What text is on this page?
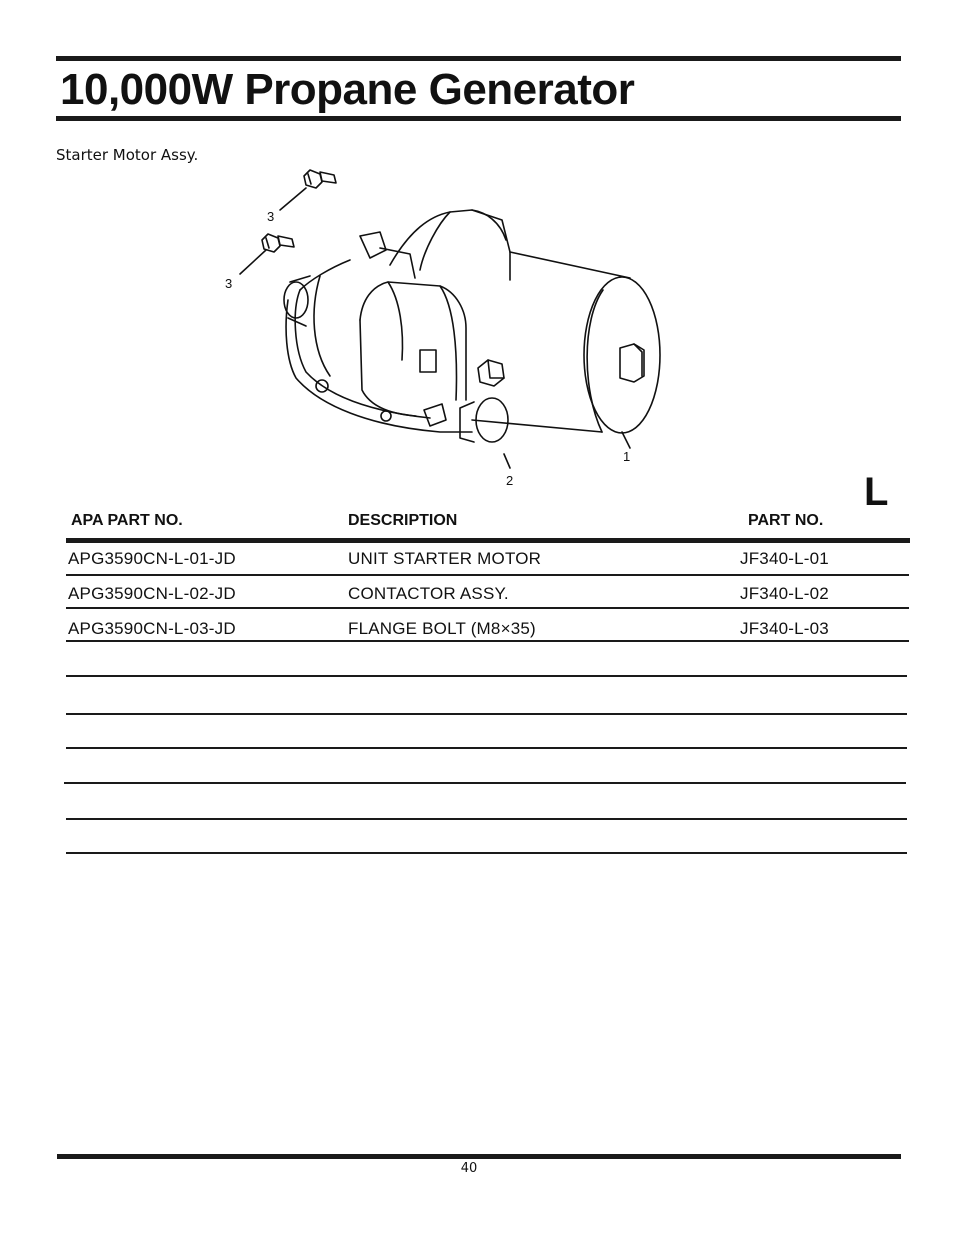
10,000W Propane Generator
Starter Motor Assy.
1
2
3
3
L
APA PART NO.	DESCRIPTION	PART NO.
APG3590CN-L-01-JD	UNIT STARTER MOTOR	JF340-L-01
APG3590CN-L-02-JD	CONTACTOR ASSY.	JF340-L-02
APG3590CN-L-03-JD	FLANGE BOLT (M8×35)	JF340-L-03
40
